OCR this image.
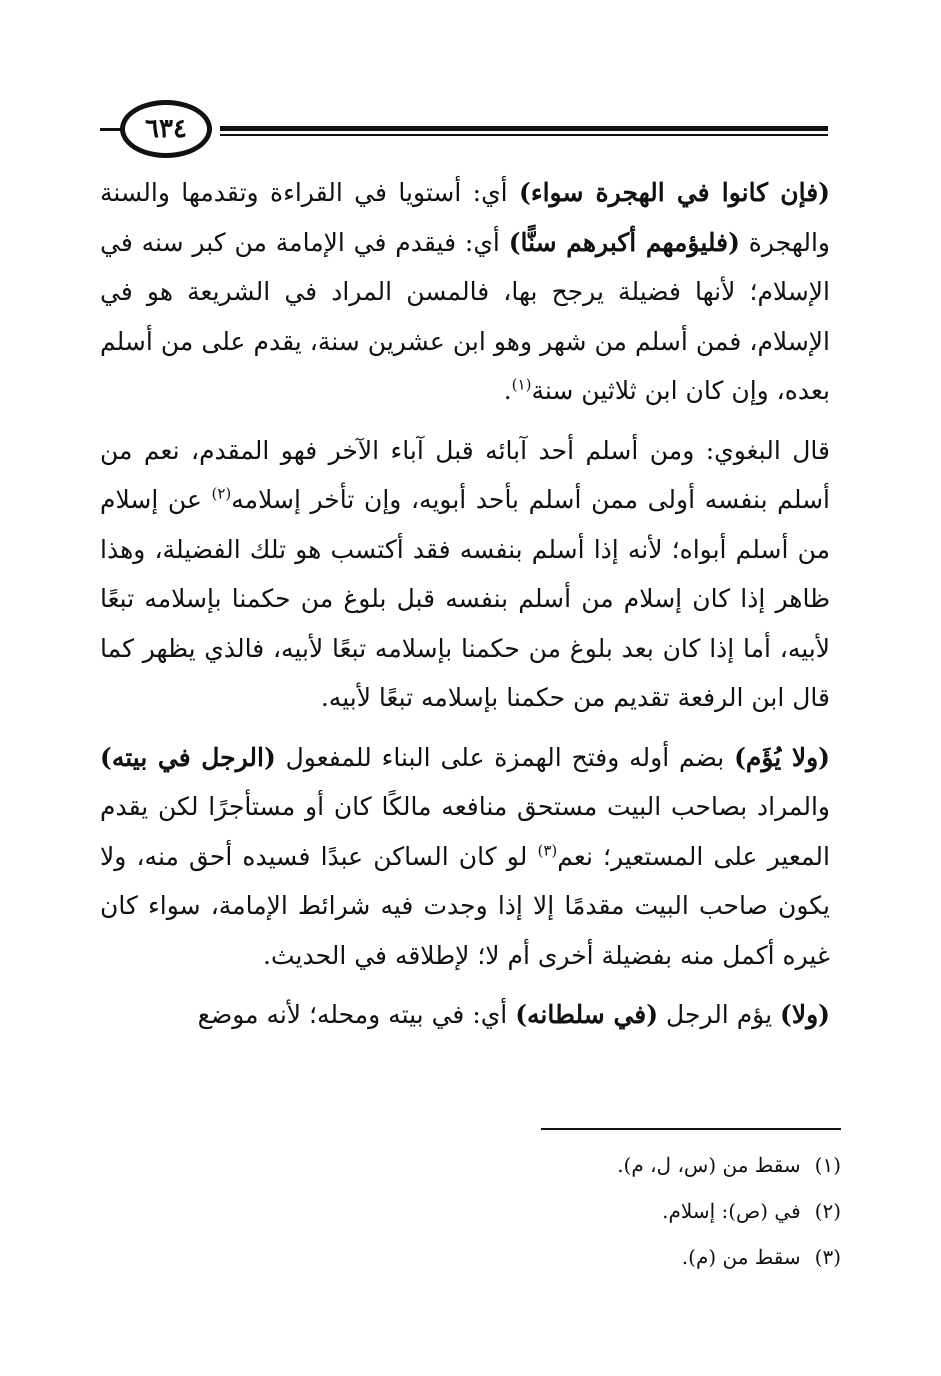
٦٣٤

(فإن كانوا في الهجرة سواء) أي: أستويا في القراءة وتقدمها والسنة والهجرة (فليؤمهم أكبرهم سنًّا) أي: فيقدم في الإمامة من كبر سنه في الإسلام؛ لأنها فضيلة يرجح بها، فالمسن المراد في الشريعة هو في الإسلام، فمن أسلم من شهر وهو ابن عشرين سنة، يقدم على من أسلم بعده، وإن كان ابن ثلاثين سنة$^{(١)}$.

قال البغوي: ومن أسلم أحد آبائه قبل آباء الآخر فهو المقدم، نعم من أسلم بنفسه أولى ممن أسلم بأحد أبويه، وإن تأخر إسلامه$^{(٢)}$ عن إسلام من أسلم أبواه؛ لأنه إذا أسلم بنفسه فقد أكتسب هو تلك الفضيلة، وهذا ظاهر إذا كان إسلام من أسلم بنفسه قبل بلوغ من حكمنا بإسلامه تبعًا لأبيه، أما إذا كان بعد بلوغ من حكمنا بإسلامه تبعًا لأبيه، فالذي يظهر كما قال ابن الرفعة تقديم من حكمنا بإسلامه تبعًا لأبيه.

(ولا يُؤَم) بضم أوله وفتح الهمزة على البناء للمفعول (الرجل في بيته) والمراد بصاحب البيت مستحق منافعه مالكًا كان أو مستأجرًا لكن يقدم المعير على المستعير؛ نعم$^{(٣)}$ لو كان الساكن عبدًا فسيده أحق منه، ولا يكون صاحب البيت مقدمًا إلا إذا وجدت فيه شرائط الإمامة، سواء كان غيره أكمل منه بفضيلة أخرى أم لا؛ لإطلاقه في الحديث.

(ولا) يؤم الرجل (في سلطانه) أي: في بيته ومحله؛ لأنه موضع

(١) سقط من (س، ل، م).
(٢) في (ص): إسلام.
(٣) سقط من (م).
